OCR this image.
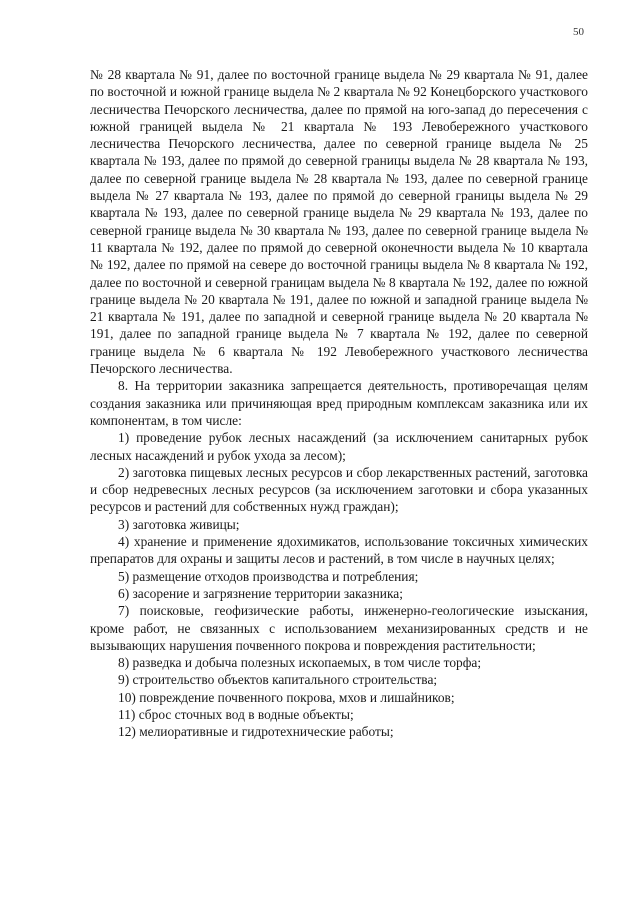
50

№ 28 квартала № 91, далее по восточной границе выдела № 29 квартала № 91, далее по восточной и южной границе выдела № 2 квартала № 92 Конецборского участкового лесничества Печорского лесничества, далее по прямой на юго-запад до пересечения с южной границей выдела № 21 квартала № 193 Левобережного участкового лесничества Печорского лесничества, далее по северной границе выдела № 25 квартала № 193, далее по прямой до северной границы выдела № 28 квартала № 193, далее по северной границе выдела № 28 квартала № 193, далее по северной границе выдела № 27 квартала № 193, далее по прямой до северной границы выдела № 29 квартала № 193, далее по северной границе выдела № 29 квартала № 193, далее по северной границе выдела № 30 квартала № 193, далее по северной границе выдела № 11 квартала № 192, далее по прямой до северной оконечности выдела № 10 квартала № 192, далее по прямой на севере до восточной границы выдела № 8 квартала № 192, далее по восточной и северной границам выдела № 8 квартала № 192, далее по южной границе выдела № 20 квартала № 191, далее по южной и западной границе выдела № 21 квартала № 191, далее по западной и северной границе выдела № 20 квартала № 191, далее по западной границе выдела № 7 квартала № 192, далее по северной границе выдела № 6 квартала № 192 Левобережного участкового лесничества Печорского лесничества.

8. На территории заказника запрещается деятельность, противоречащая целям создания заказника или причиняющая вред природным комплексам заказника или их компонентам, в том числе:

1) проведение рубок лесных насаждений (за исключением санитарных рубок лесных насаждений и рубок ухода за лесом);
2) заготовка пищевых лесных ресурсов и сбор лекарственных растений, заготовка и сбор недревесных лесных ресурсов (за исключением заготовки и сбора указанных ресурсов и растений для собственных нужд граждан);
3) заготовка живицы;
4) хранение и применение ядохимикатов, использование токсичных химических препаратов для охраны и защиты лесов и растений, в том числе в научных целях;
5) размещение отходов производства и потребления;
6) засорение и загрязнение территории заказника;
7) поисковые, геофизические работы, инженерно-геологические изыскания, кроме работ, не связанных с использованием механизированных средств и не вызывающих нарушения почвенного покрова и повреждения растительности;
8) разведка и добыча полезных ископаемых, в том числе торфа;
9) строительство объектов капитального строительства;
10) повреждение почвенного покрова, мхов и лишайников;
11) сброс сточных вод в водные объекты;
12) мелиоративные и гидротехнические работы;
